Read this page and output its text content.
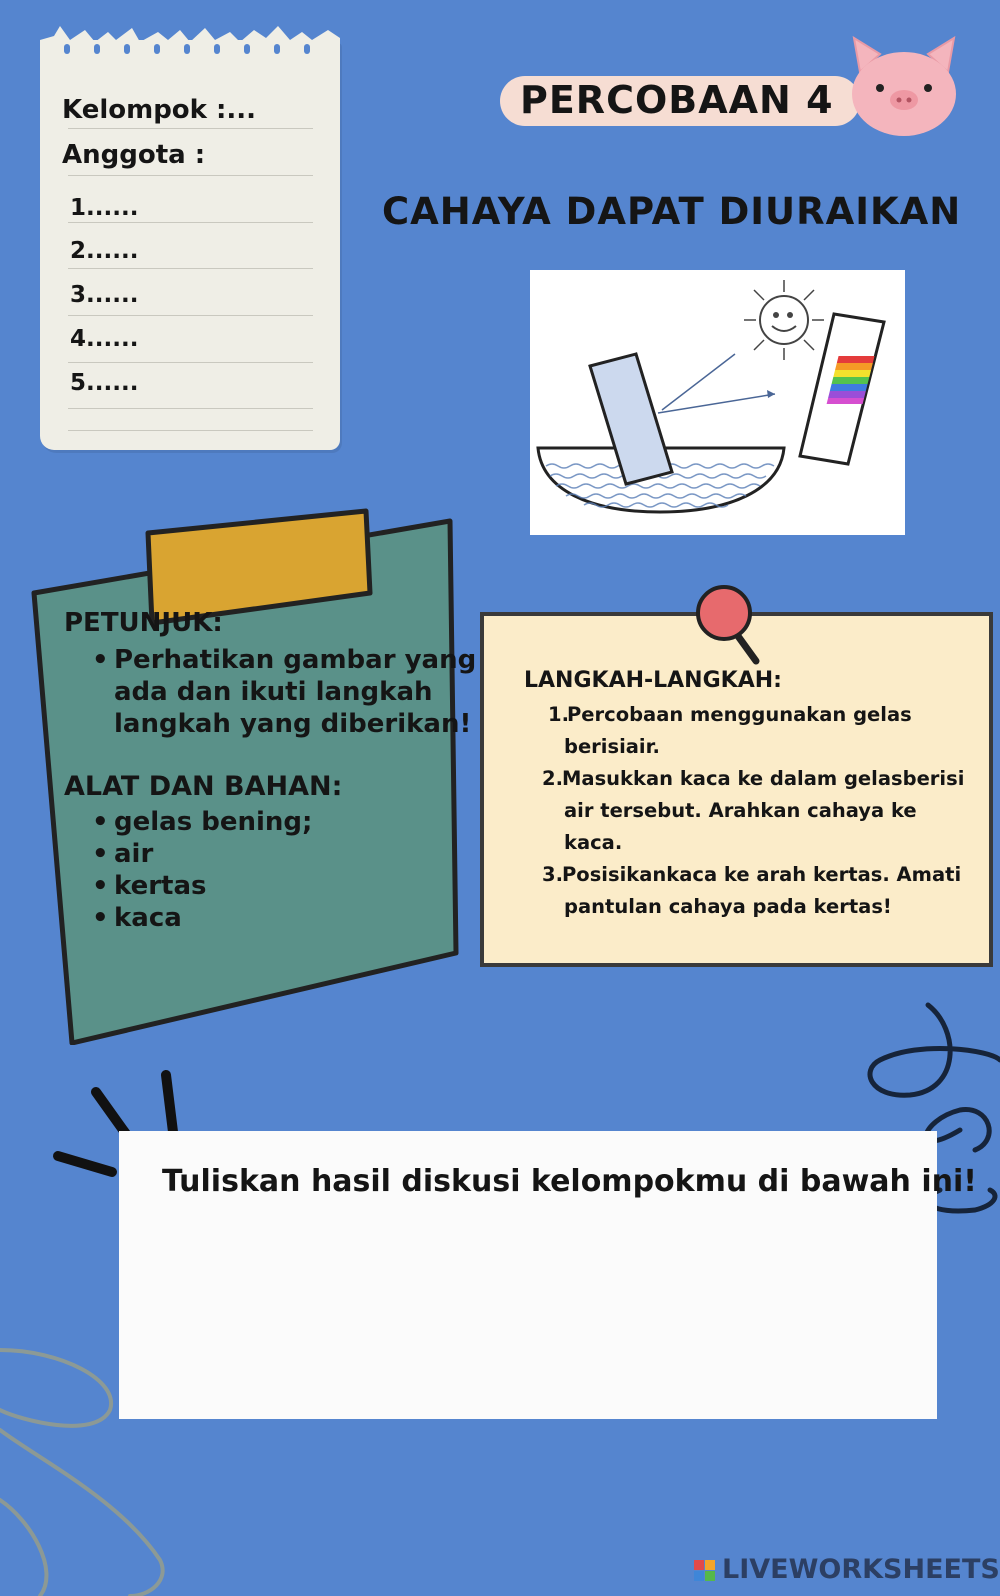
Kelompok :...
Anggota :
1......
2......
3......
4......
5......
PERCOBAAN 4
CAHAYA DAPAT DIURAIKAN
PETUNJUK:
• Perhatikan gambar yang
ada dan ikuti langkah
langkah yang diberikan!
ALAT DAN BAHAN:
• gelas bening;
• air
• kertas
• kaca
LANGKAH-LANGKAH:
1.
Percobaan menggunakan gelas
berisiair.
2. Masukkan kaca ke dalam gelasberisi
air tersebut. Arahkan cahaya ke
kaca.
3. Posisikankaca ke arah kertas. Amati
pantulan cahaya pada kertas!
Tuliskan hasil diskusi kelompokmu di bawah ini!
LIVEWORKSHEETS
